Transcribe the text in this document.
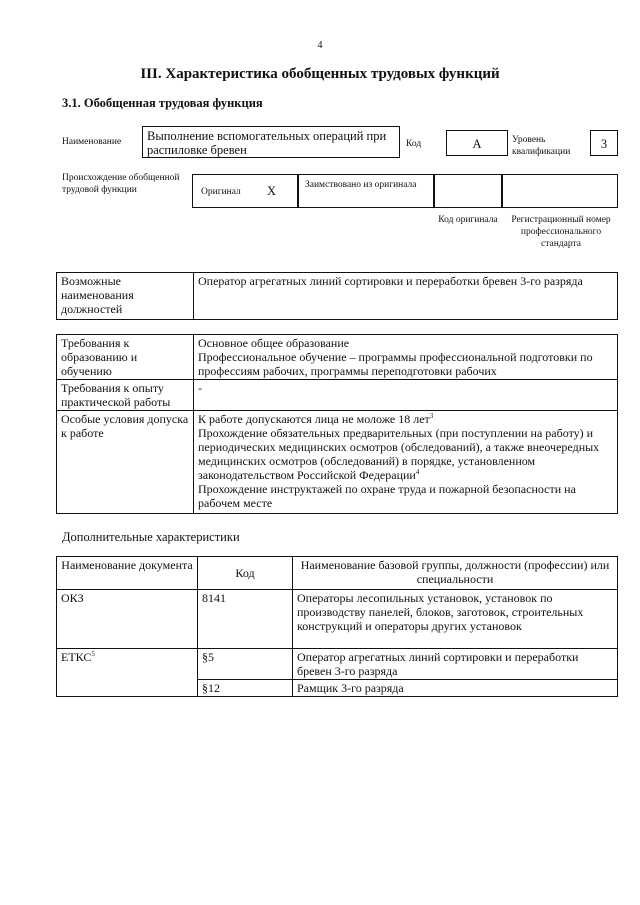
4
III. Характеристика обобщенных трудовых функций
3.1. Обобщенная трудовая функция
Наименование	Выполнение вспомогательных операций при распиловке бревен	Код	А	Уровень квалификации
3
Происхождение обобщенной трудовой функции	Оригинал X	Заимствовано из оригинала
Код оригинала	Регистрационный номер профессионального стандарта
Возможные наименования должностей	Оператор агрегатных линий сортировки и переработки бревен 3-го разряда
Требования к образованию и обучению	Основное общее образование
Профессиональное обучение – программы профессиональной подготовки по профессиям рабочих, программы переподготовки рабочих

Требования к опыту практической работы	-
Особые условия допуска к работе	К работе допускаются лица не моложе 18 лет$^3$
Прохождение обязательных предварительных (при поступлении на работу) и периодических медицинских осмотров (обследований), а также внеочередных медицинских осмотров (обследований) в порядке, установленном законодательством Российской Федерации$^4$
Прохождение инструктажей по охране труда и пожарной безопасности на рабочем месте
Дополнительные характеристики
Наименование документа	Код	Наименование базовой группы, должности (профессии) или специальности
ОКЗ	8141	Операторы лесопильных установок, установок по производству панелей, блоков, заготовок, строительных конструкций и операторы других установок
ЕТКС$^5$	§5	Оператор агрегатных линий сортировки и переработки бревен 3-го разряда
	§12	Рамщик 3-го разряда
